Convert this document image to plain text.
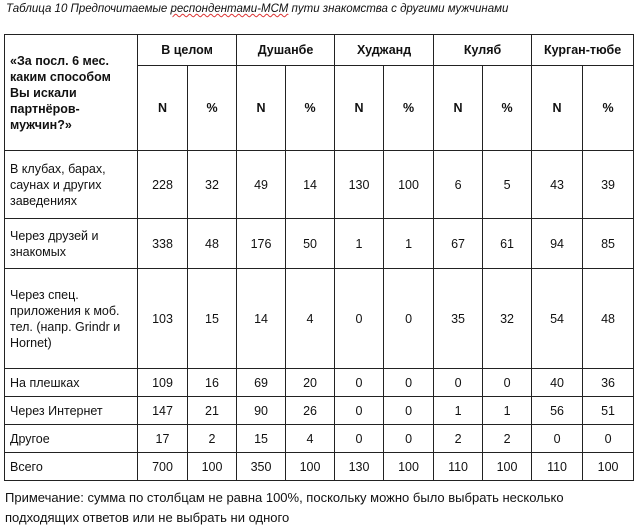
Таблица 10 Предпочитаемые респондентами-МСМ пути знакомства с другими мужчинами
«За посл. 6 мес. каким способом Вы искали партнёров-мужчин?»	В целом		Душанбе		Худжанд		Куляб		Курган-тюбе	
	N	%	N	%	N	%	N	%	N	%
В клубах, барах, саунах и других заведениях	228	32	49	14	130	100	6	5	43	39
Через друзей и знакомых	338	48	176	50	1	1	67	61	94	85
Через спец. приложения к моб. тел. (напр. Grindr и Hornet)	103	15	14	4	0	0	35	32	54	48
На плешках	109	16	69	20	0	0	0	0	40	36
Через Интернет	147	21	90	26	0	0	1	1	56	51
Другое	17	2	15	4	0	0	2	2	0	0
Всего	700	100	350	100	130	100	110	100	110	100
Примечание: сумма по столбцам не равна 100%, поскольку можно было выбрать несколько подходящих ответов или не выбрать ни одного
